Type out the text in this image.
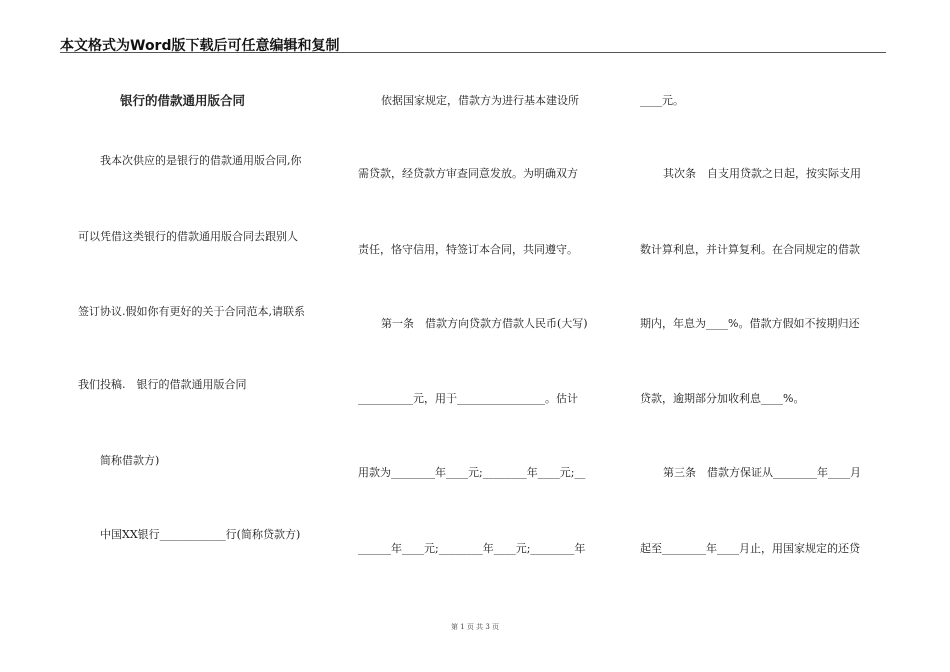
本文格式为Word版下载后可任意编辑和复制
银行的借款通用版合同
我本次供应的是银行的借款通用版合同,你
可以凭借这类银行的借款通用版合同去跟别人
签订协议.假如你有更好的关于合同范本,请联系
我们投稿.　银行的借款通用版合同
简称借款方)
中国XX银行____________行(简称贷款方)
依据国家规定，借款方为进行基本建设所
需贷款，经贷款方审查同意发放。为明确双方
责任，恪守信用，特签订本合同，共同遵守。
第一条　借款方向贷款方借款人民币(大写)
__________元，用于________________。估计
用款为________年____元;________年____元;__
______年____元;________年____元;________年
____元。
其次条　自支用贷款之日起，按实际支用
数计算利息，并计算复利。在合同规定的借款
期内，年息为____%。借款方假如不按期归还
贷款，逾期部分加收利息____%。
第三条　借款方保证从________年____月
起至________年____月止，用国家规定的还贷
第 1 页 共 3 页
